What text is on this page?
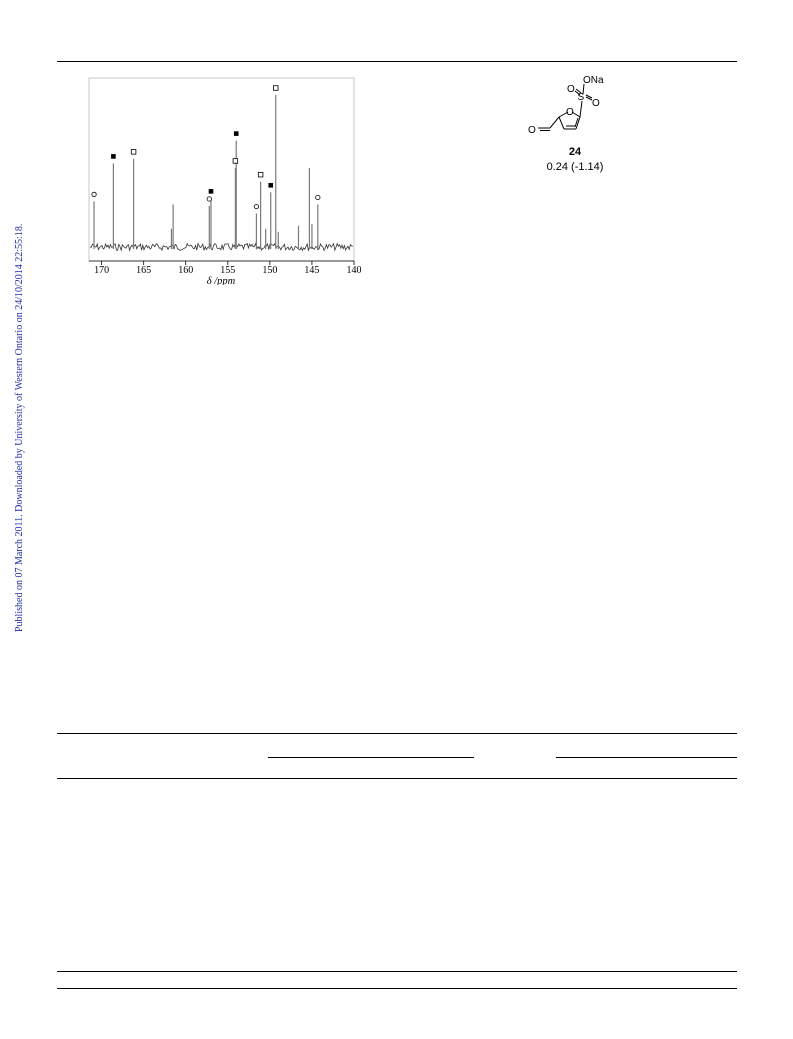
Published on 07 March 2011. Downloaded by University of Western Ontario on 24/10/2014 22:55:18.	170	165	160	155	150	145	140
δ /ppm
ONa
S
O
O
O
O
24
0.24 (-1.14)
